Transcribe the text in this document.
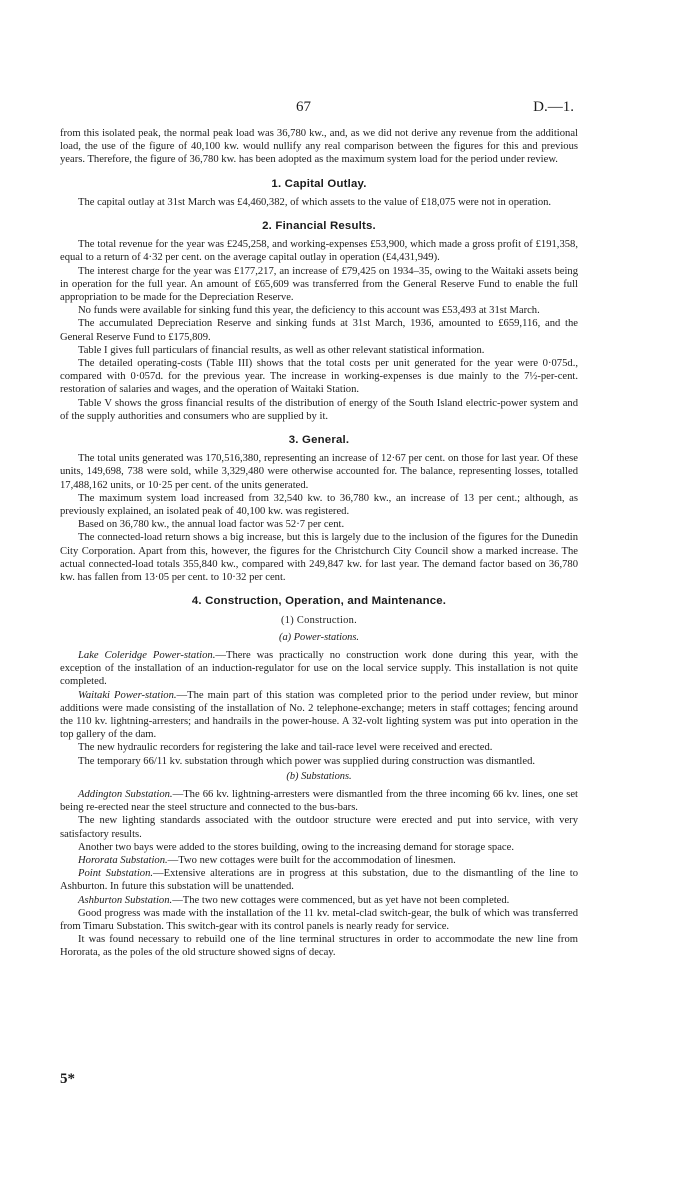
67	D.—1.

from this isolated peak, the normal peak load was 36,780 kw., and, as we did not derive any revenue from the additional load, the use of the figure of 40,100 kw. would nullify any real comparison between the figures for this and previous years. Therefore, the figure of 36,780 kw. has been adopted as the maximum system load for the period under review.

1. Capital Outlay.

The capital outlay at 31st March was £4,460,382, of which assets to the value of £18,075 were not in operation.

2. Financial Results.

The total revenue for the year was £245,258, and working-expenses £53,900, which made a gross profit of £191,358, equal to a return of 4·32 per cent. on the average capital outlay in operation (£4,431,949).

The interest charge for the year was £177,217, an increase of £79,425 on 1934–35, owing to the Waitaki assets being in operation for the full year. An amount of £65,609 was transferred from the General Reserve Fund to enable the full appropriation to be made for the Depreciation Reserve.

No funds were available for sinking fund this year, the deficiency to this account was £53,493 at 31st March.

The accumulated Depreciation Reserve and sinking funds at 31st March, 1936, amounted to £659,116, and the General Reserve Fund to £175,809.

Table I gives full particulars of financial results, as well as other relevant statistical information.

The detailed operating-costs (Table III) shows that the total costs per unit generated for the year were 0·075d., compared with 0·057d. for the previous year. The increase in working-expenses is due mainly to the 7½-per-cent. restoration of salaries and wages, and the operation of Waitaki Station.

Table V shows the gross financial results of the distribution of energy of the South Island electric-power system and of the supply authorities and consumers who are supplied by it.

3. General.

The total units generated was 170,516,380, representing an increase of 12·67 per cent. on those for last year. Of these units, 149,698, 738 were sold, while 3,329,480 were otherwise accounted for. The balance, representing losses, totalled 17,488,162 units, or 10·25 per cent. of the units generated.

The maximum system load increased from 32,540 kw. to 36,780 kw., an increase of 13 per cent.; although, as previously explained, an isolated peak of 40,100 kw. was registered.

Based on 36,780 kw., the annual load factor was 52·7 per cent.

The connected-load return shows a big increase, but this is largely due to the inclusion of the figures for the Dunedin City Corporation. Apart from this, however, the figures for the Christchurch City Council show a marked increase. The actual connected-load totals 355,840 kw., compared with 249,847 kw. for last year. The demand factor based on 36,780 kw. has fallen from 13·05 per cent. to 10·32 per cent.

4. Construction, Operation, and Maintenance.
(1) Construction.
(a) Power-stations.

Lake Coleridge Power-station.—There was practically no construction work done during this year, with the exception of the installation of an induction-regulator for use on the local service supply. This installation is not quite completed.

Waitaki Power-station.—The main part of this station was completed prior to the period under review, but minor additions were made consisting of the installation of No. 2 telephone-exchange; meters in staff cottages; fencing around the 110 kv. lightning-arresters; and handrails in the power-house. A 32-volt lighting system was put into operation in the top gallery of the dam.

The new hydraulic recorders for registering the lake and tail-race level were received and erected.

The temporary 66/11 kv. substation through which power was supplied during construction was dismantled.

(b) Substations.

Addington Substation.—The 66 kv. lightning-arresters were dismantled from the three incoming 66 kv. lines, one set being re-erected near the steel structure and connected to the bus-bars.

The new lighting standards associated with the outdoor structure were erected and put into service, with very satisfactory results.

Another two bays were added to the stores building, owing to the increasing demand for storage space.

Hororata Substation.—Two new cottages were built for the accommodation of linesmen.

Point Substation.—Extensive alterations are in progress at this substation, due to the dismantling of the line to Ashburton. In future this substation will be unattended.

Ashburton Substation.—The two new cottages were commenced, but as yet have not been completed.

Good progress was made with the installation of the 11 kv. metal-clad switch-gear, the bulk of which was transferred from Timaru Substation. This switch-gear with its control panels is nearly ready for service.

It was found necessary to rebuild one of the line terminal structures in order to accommodate the new line from Hororata, as the poles of the old structure showed signs of decay.

5*
